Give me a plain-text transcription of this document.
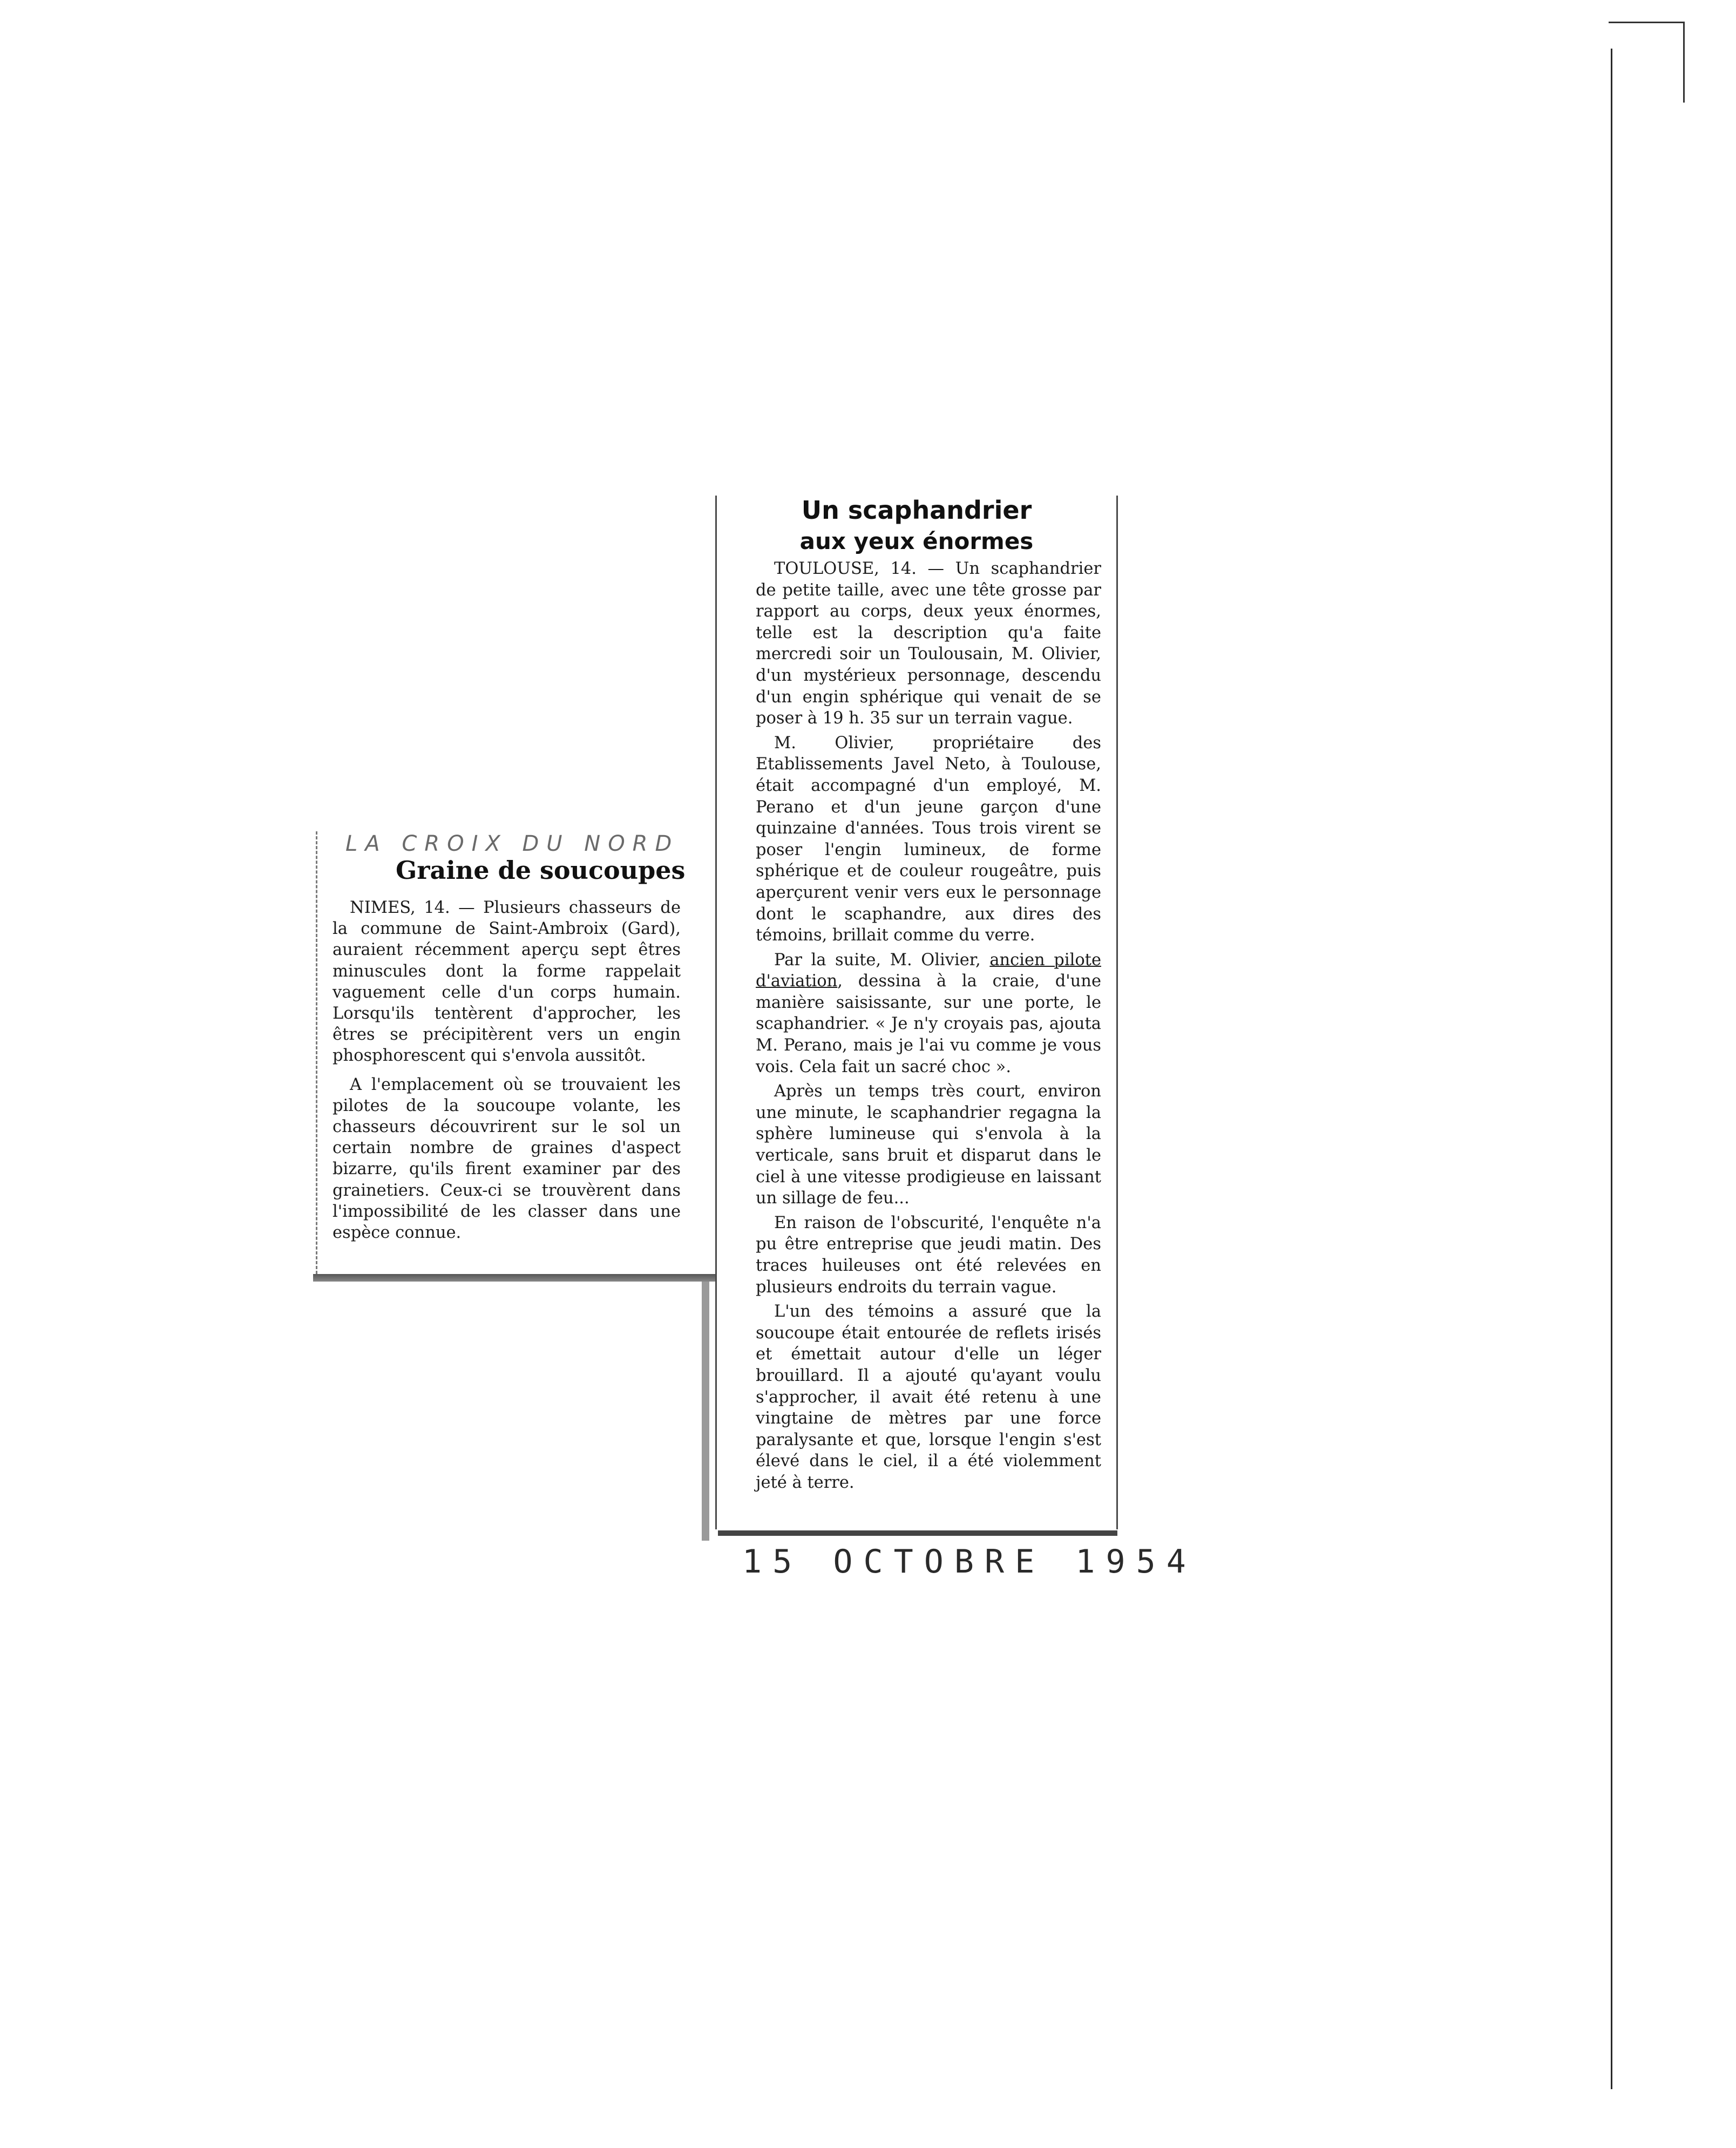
LA CROIX DU NORD
Graine de soucoupes

NIMES, 14. — Plusieurs chasseurs de la commune de Saint-Ambroix (Gard), auraient récemment aperçu sept êtres minuscules dont la forme rappelait vaguement celle d'un corps humain. Lorsqu'ils tentèrent d'approcher, les êtres se précipitèrent vers un engin phosphorescent qui s'envola aussitôt.

A l'emplacement où se trouvaient les pilotes de la soucoupe volante, les chasseurs découvrirent sur le sol un certain nombre de graines d'aspect bizarre, qu'ils firent examiner par des grainetiers. Ceux-ci se trouvèrent dans l'impossibilité de les classer dans une espèce connue.

Un scaphandrier
aux yeux énormes

TOULOUSE, 14. — Un scaphandrier de petite taille, avec une tête grosse par rapport au corps, deux yeux énormes, telle est la description qu'a faite mercredi soir un Toulousain, M. Olivier, d'un mystérieux personnage, descendu d'un engin sphérique qui venait de se poser à 19 h. 35 sur un terrain vague.

M. Olivier, propriétaire des Etablissements Javel Neto, à Toulouse, était accompagné d'un employé, M. Perano et d'un jeune garçon d'une quinzaine d'années. Tous trois virent se poser l'engin lumineux, de forme sphérique et de couleur rougeâtre, puis aperçurent venir vers eux le personnage dont le scaphandre, aux dires des témoins, brillait comme du verre.

Par la suite, M. Olivier, ancien pilote d'aviation, dessina à la craie, d'une manière saisissante, sur une porte, le scaphandrier. « Je n'y croyais pas, ajouta M. Perano, mais je l'ai vu comme je vous vois. Cela fait un sacré choc ».

Après un temps très court, environ une minute, le scaphandrier regagna la sphère lumineuse qui s'envola à la verticale, sans bruit et disparut dans le ciel à une vitesse prodigieuse en laissant un sillage de feu...

En raison de l'obscurité, l'enquête n'a pu être entreprise que jeudi matin. Des traces huileuses ont été relevées en plusieurs endroits du terrain vague.

L'un des témoins a assuré que la soucoupe était entourée de reflets irisés et émettait autour d'elle un léger brouillard. Il a ajouté qu'ayant voulu s'approcher, il avait été retenu à une vingtaine de mètres par une force paralysante et que, lorsque l'engin s'est élevé dans le ciel, il a été violemment jeté à terre.

15 OCTOBRE 1954
